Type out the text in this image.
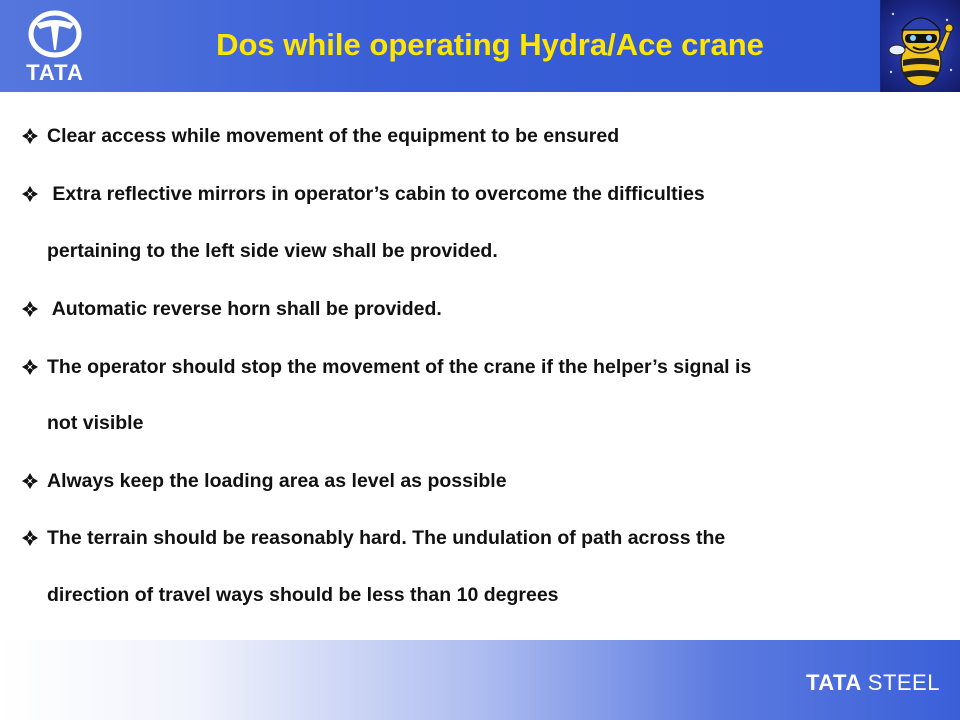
TATA
Dos while operating Hydra/Ace crane
Clear access while movement of the equipment to be ensured
Extra reflective mirrors in operator’s cabin to overcome the difficulties
pertaining to the left side view shall be provided.
Automatic reverse horn shall be provided.
The operator should stop the movement of the crane if the helper’s signal is
not visible
Always keep the loading area as level as possible
The terrain should be reasonably hard. The undulation of path across the
direction of travel ways should be less than 10 degrees
TATA STEEL
